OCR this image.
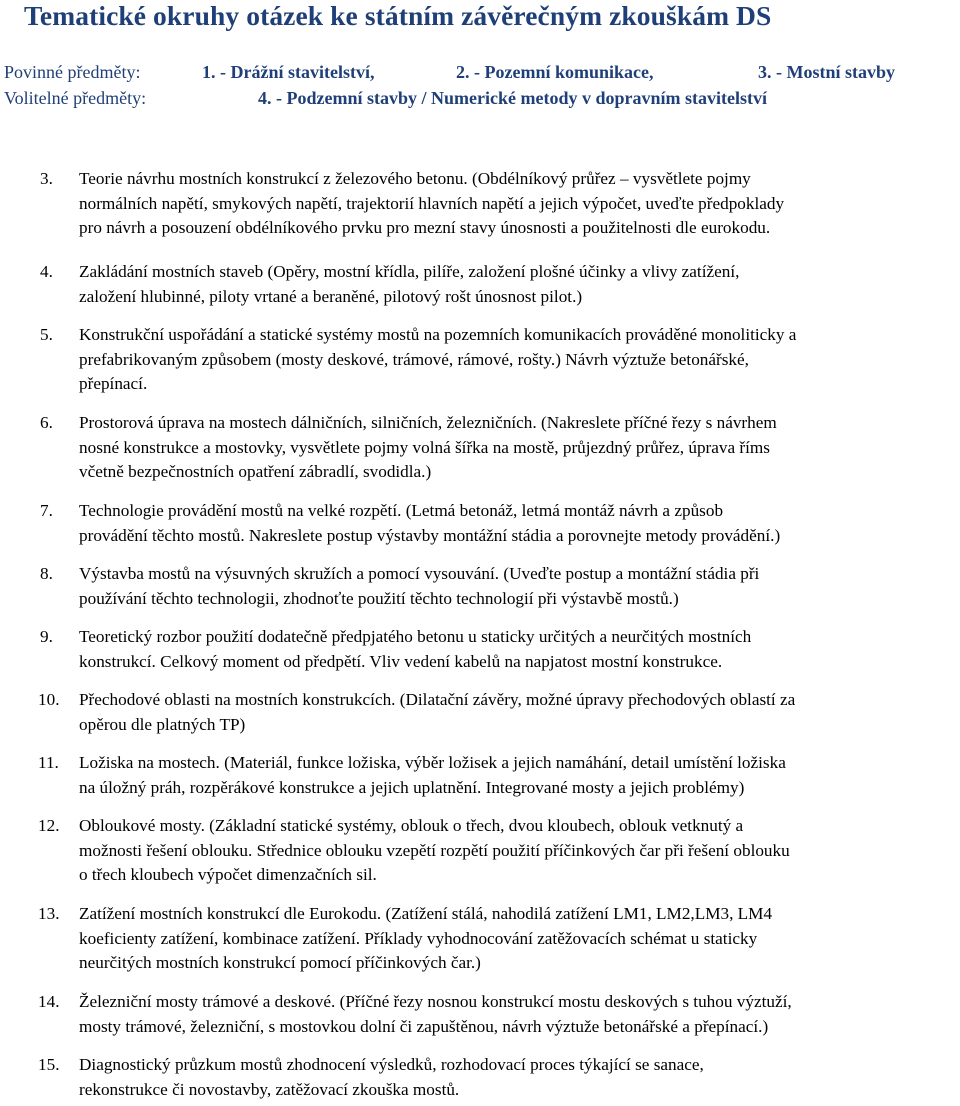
Tematické okruhy otázek ke státním závěrečným zkouškám DS
Povinné předměty:	1. - Drážní stavitelství,	2. - Pozemní komunikace,	3. - Mostní stavby
Volitelné předměty:	4. - Podzemní stavby / Numerické metody v dopravním stavitelství
3. Teorie návrhu mostních konstrukcí z železového betonu. (Obdélníkový průřez – vysvětlete pojmy
normálních napětí, smykových napětí, trajektorií hlavních napětí a jejich výpočet, uveďte předpoklady
pro návrh a posouzení obdélníkového prvku pro mezní stavy únosnosti a použitelnosti dle eurokodu.
4. Zakládání mostních staveb (Opěry, mostní křídla, pilíře, založení plošné účinky a vlivy zatížení,
založení hlubinné, piloty vrtané a beraněné, pilotový rošt únosnost pilot.)
5. Konstrukční uspořádání a statické systémy mostů na pozemních komunikacích prováděné monoliticky a
prefabrikovaným způsobem (mosty deskové, trámové, rámové, rošty.) Návrh výztuže betonářské,
přepínací.
6. Prostorová úprava na mostech dálničních, silničních, železničních. (Nakreslete příčné řezy s návrhem
nosné konstrukce a mostovky, vysvětlete pojmy volná šířka na mostě, průjezdný průřez, úprava říms
včetně bezpečnostních opatření zábradlí, svodidla.)
7. Technologie provádění mostů na velké rozpětí. (Letmá betonáž, letmá montáž návrh a způsob
provádění těchto mostů. Nakreslete postup výstavby montážní stádia a porovnejte metody provádění.)
8. Výstavba mostů na výsuvných skružích a pomocí vysouvání. (Uveďte postup a montážní stádia při
používání těchto technologii, zhodnoťte použití těchto technologií při výstavbě mostů.)
9. Teoretický rozbor použití dodatečně předpjatého betonu u staticky určitých a neurčitých mostních
konstrukcí. Celkový moment od předpětí. Vliv vedení kabelů na napjatost mostní konstrukce.
10. Přechodové oblasti na mostních konstrukcích. (Dilatační závěry, možné úpravy přechodových oblastí za
opěrou dle platných TP)
11. Ložiska na mostech. (Materiál, funkce ložiska, výběr ložisek a jejich namáhání, detail umístění ložiska
na úložný práh, rozpěrákové konstrukce a jejich uplatnění. Integrované mosty a jejich problémy)
12. Obloukové mosty. (Základní statické systémy, oblouk o třech, dvou kloubech, oblouk vetknutý a
možnosti řešení oblouku. Střednice oblouku vzepětí rozpětí použití příčinkových čar při řešení oblouku
o třech kloubech výpočet dimenzačních sil.
13. Zatížení mostních konstrukcí dle Eurokodu. (Zatížení stálá, nahodilá zatížení LM1, LM2,LM3, LM4
koeficienty zatížení, kombinace zatížení. Příklady vyhodnocování zatěžovacích schémat u staticky
neurčitých mostních konstrukcí pomocí příčinkových čar.)
14. Železniční mosty trámové a deskové. (Příčné řezy nosnou konstrukcí mostu deskových s tuhou výztuží,
mosty trámové, železniční, s mostovkou dolní či zapuštěnou, návrh výztuže betonářské a přepínací.)
15. Diagnostický průzkum mostů zhodnocení výsledků, rozhodovací proces týkající se sanace,
rekonstrukce či novostavby, zatěžovací zkouška mostů.
